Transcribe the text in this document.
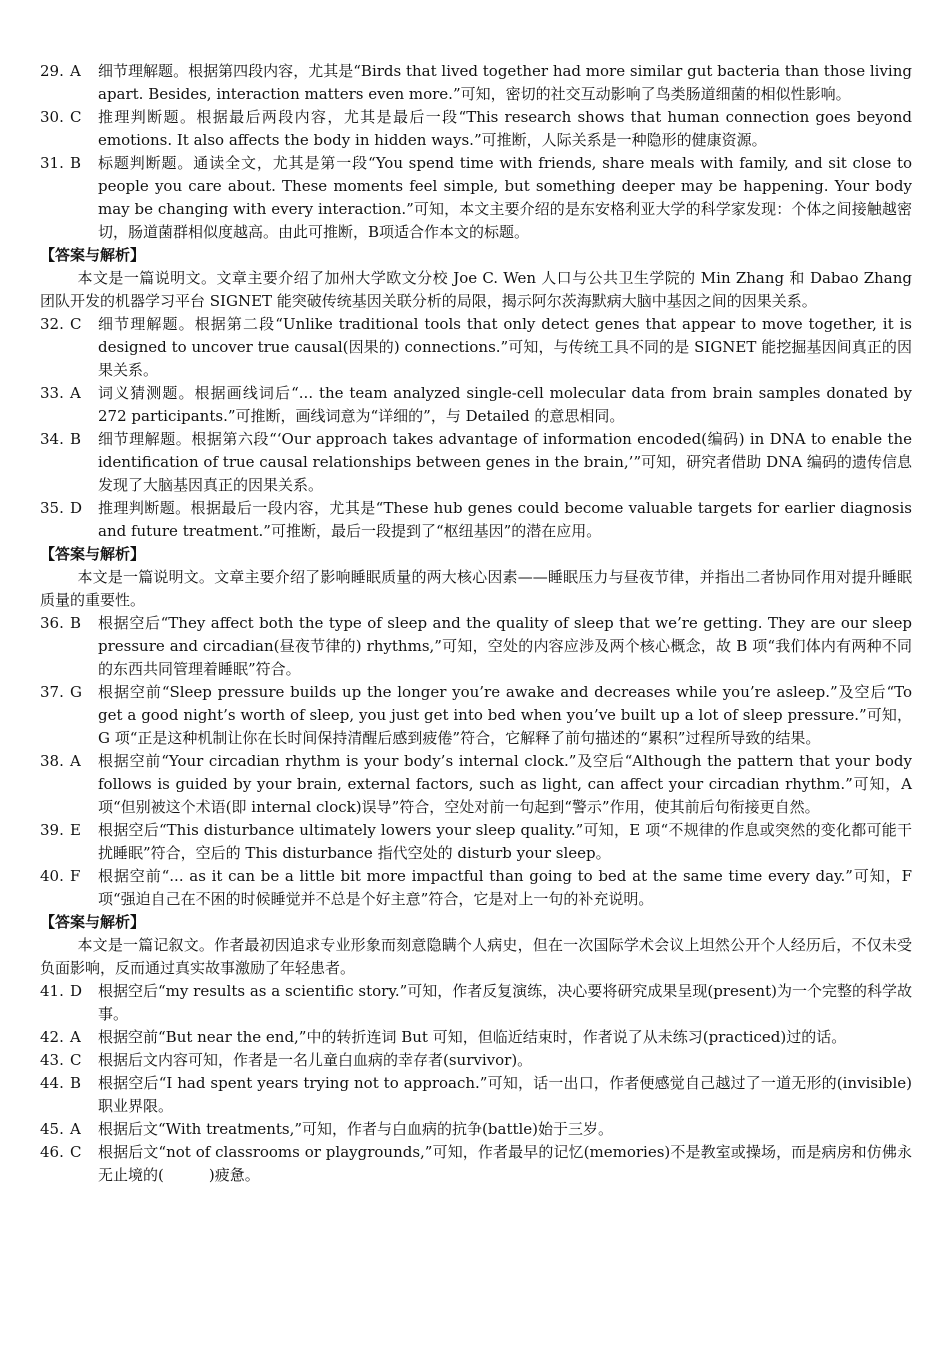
29. A	细节理解题。根据第四段内容，尤其是“Birds that lived together had more similar gut bacteria than those living apart. Besides, interaction matters even more.”可知，密切的社交互动影响了鸟类肠道细菌的相似性影响。
30. C	推理判断题。根据最后两段内容，尤其是最后一段“This research shows that human connection goes beyond emotions. It also affects the body in hidden ways.”可推断，人际关系是一种隐形的健康资源。
31. B	标题判断题。通读全文，尤其是第一段“You spend time with friends, share meals with family, and sit close to people you care about. These moments feel simple, but something deeper may be happening. Your body may be changing with every interaction.”可知，本文主要介绍的是东安格利亚大学的科学家发现：个体之间接触越密切，肠道菌群相似度越高。由此可推断，B项适合作本文的标题。
【答案与解析】
本文是一篇说明文。文章主要介绍了加州大学欧文分校 Joe C. Wen 人口与公共卫生学院的 Min Zhang 和 Dabao Zhang 团队开发的机器学习平台 SIGNET 能突破传统基因关联分析的局限，揭示阿尔茨海默病大脑中基因之间的因果关系。
32. C	细节理解题。根据第二段“Unlike traditional tools that only detect genes that appear to move together, it is designed to uncover true causal(因果的) connections.”可知，与传统工具不同的是 SIGNET 能挖掘基因间真正的因果关系。
33. A	词义猜测题。根据画线词后“... the team analyzed single-cell molecular data from brain samples donated by 272 participants.”可推断，画线词意为“详细的”，与 Detailed 的意思相同。
34. B	细节理解题。根据第六段“‘Our approach takes advantage of information encoded(编码) in DNA to enable the identification of true causal relationships between genes in the brain,’”可知，研究者借助 DNA 编码的遗传信息发现了大脑基因真正的因果关系。
35. D	推理判断题。根据最后一段内容，尤其是“These hub genes could become valuable targets for earlier diagnosis and future treatment.”可推断，最后一段提到了“枢纽基因”的潜在应用。
【答案与解析】
本文是一篇说明文。文章主要介绍了影响睡眠质量的两大核心因素——睡眠压力与昼夜节律，并指出二者协同作用对提升睡眠质量的重要性。
36. B	根据空后“They affect both the type of sleep and the quality of sleep that we’re getting. They are our sleep pressure and circadian(昼夜节律的) rhythms,”可知，空处的内容应涉及两个核心概念，故 B 项“我们体内有两种不同的东西共同管理着睡眠”符合。
37. G	根据空前“Sleep pressure builds up the longer you’re awake and decreases while you’re asleep.”及空后“To get a good night’s worth of sleep, you just get into bed when you’ve built up a lot of sleep pressure.”可知，G 项“正是这种机制让你在长时间保持清醒后感到疲倦”符合，它解释了前句描述的“累积”过程所导致的结果。
38. A	根据空前“Your circadian rhythm is your body’s internal clock.”及空后“Although the pattern that your body follows is guided by your brain, external factors, such as light, can affect your circadian rhythm.”可知，A 项“但别被这个术语(即 internal clock)误导”符合，空处对前一句起到“警示”作用，使其前后句衔接更自然。
39. E	根据空后“This disturbance ultimately lowers your sleep quality.”可知，E 项“不规律的作息或突然的变化都可能干扰睡眠”符合，空后的 This disturbance 指代空处的 disturb your sleep。
40. F	根据空前“... as it can be a little bit more impactful than going to bed at the same time every day.”可知，F 项“强迫自己在不困的时候睡觉并不总是个好主意”符合，它是对上一句的补充说明。
【答案与解析】
本文是一篇记叙文。作者最初因追求专业形象而刻意隐瞒个人病史，但在一次国际学术会议上坦然公开个人经历后，不仅未受负面影响，反而通过真实故事激励了年轻患者。
41. D	根据空后“my results as a scientific story.”可知，作者反复演练，决心要将研究成果呈现(present)为一个完整的科学故事。
42. A	根据空前“But near the end,”中的转折连词 But 可知，但临近结束时，作者说了从未练习(practiced)过的话。
43. C	根据后文内容可知，作者是一名儿童白血病的幸存者(survivor)。
44. B	根据空后“I had spent years trying not to approach.”可知，话一出口，作者便感觉自己越过了一道无形的(invisible)职业界限。
45. A	根据后文“With treatments,”可知，作者与白血病的抗争(battle)始于三岁。
46. C	根据后文“not of classrooms or playgrounds,”可知，作者最早的记忆(memories)不是教室或操场，而是病房和仿佛永无止境的(　　　)疲惫。
